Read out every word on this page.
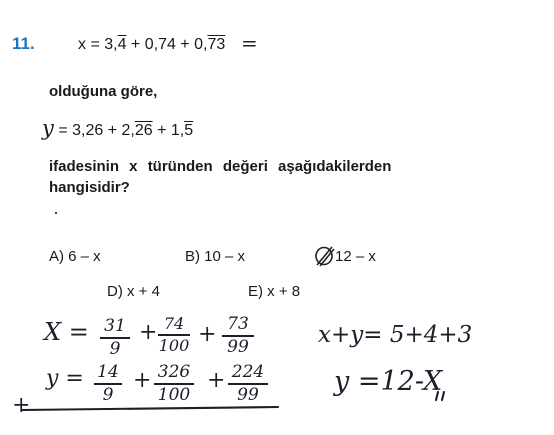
11.	x = 3,4 + 0,74 + 0,73 =
olduğuna göre,
y = 3,26 + 2,26 + 1,5
ifadesinin x türünden değeri aşağıdakilerden
hangisidir?
A) 6 – x	B) 10 – x	12 – x
D) x + 4	E) x + 8
X = 31
9
+ 74
100 + 73
99
y = 14
9
+ 326
100
+ 224
99
x+y= 5+4+3
y =12-X
+
